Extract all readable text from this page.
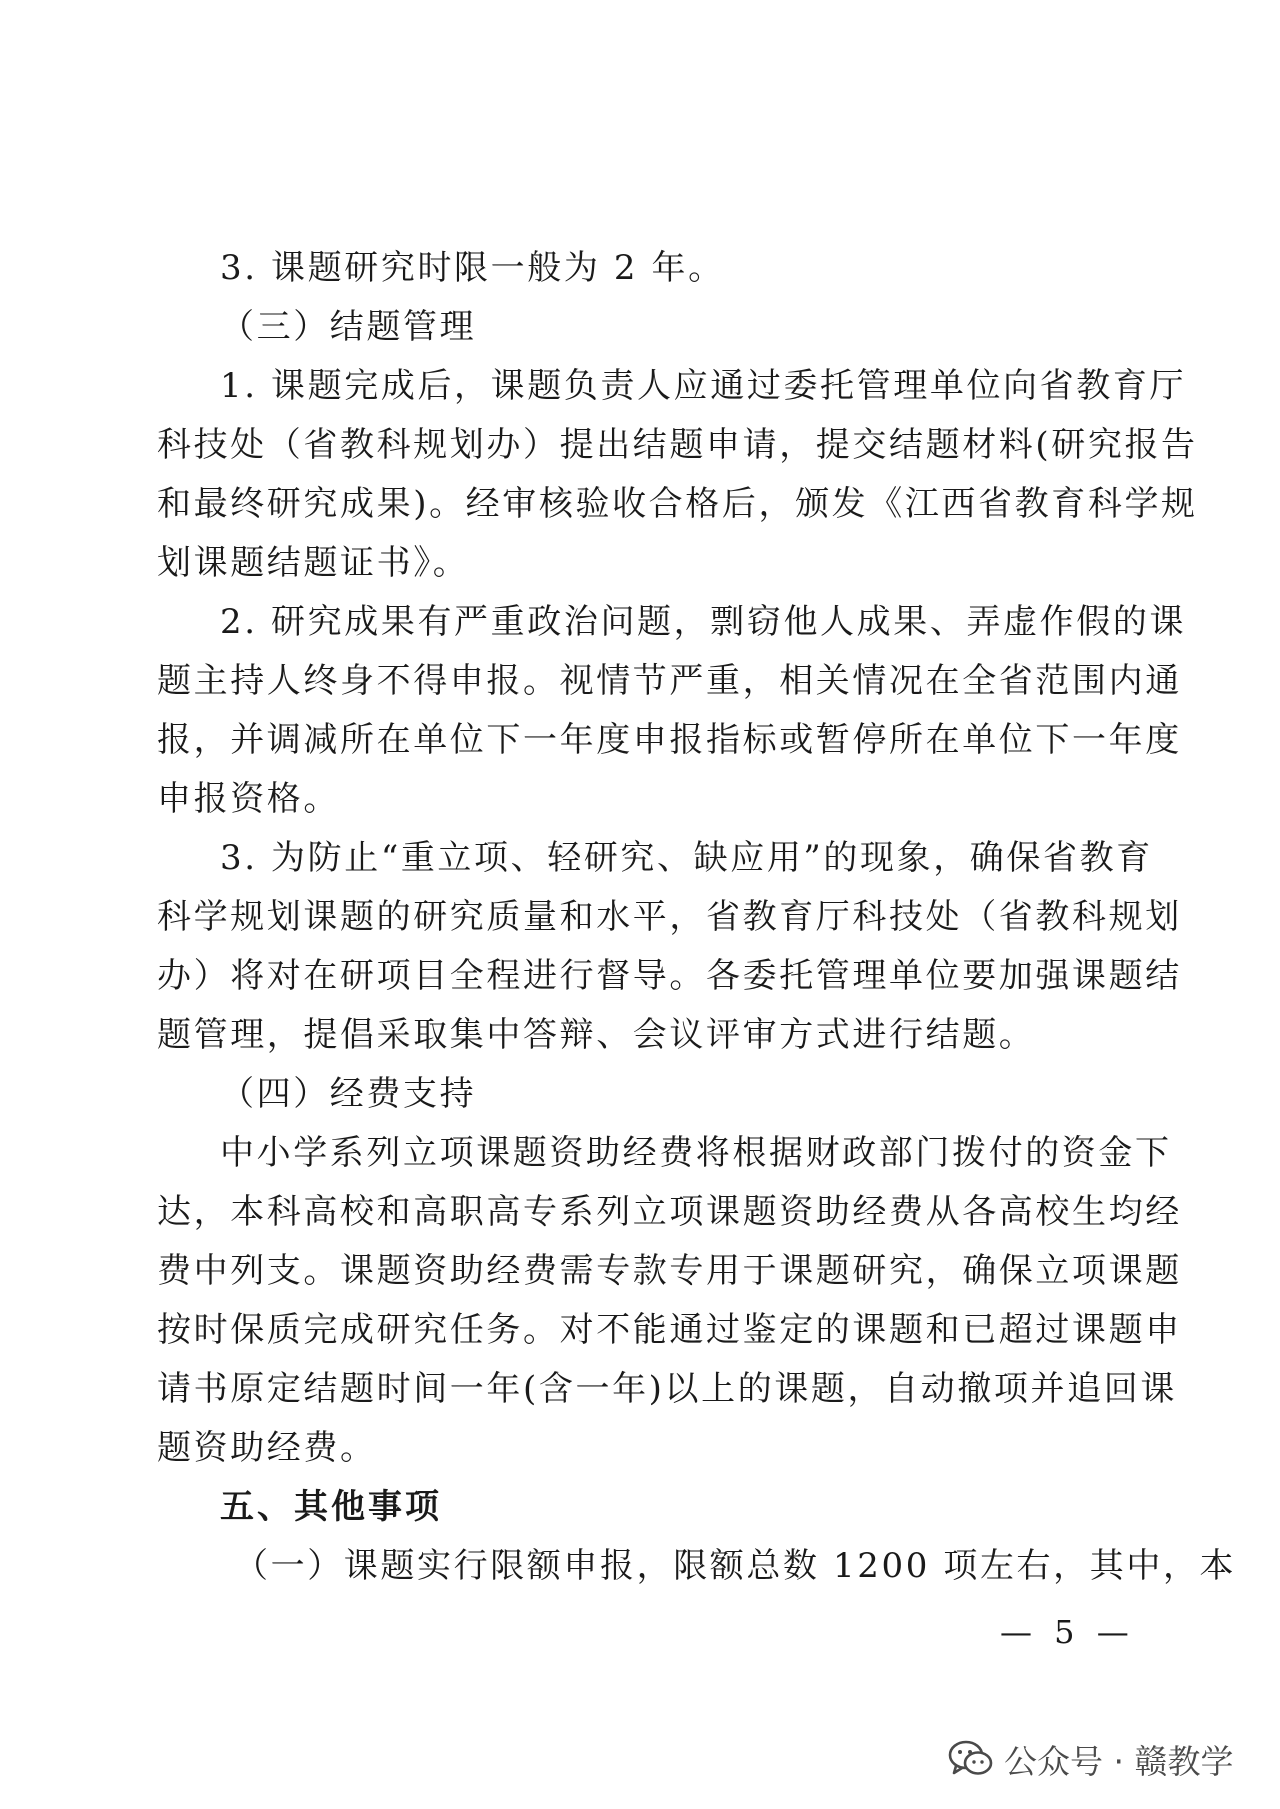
3. 课题研究时限一般为 2 年。
（三）结题管理
1. 课题完成后，课题负责人应通过委托管理单位向省教育厅
科技处（省教科规划办）提出结题申请，提交结题材料(研究报告
和最终研究成果)。经审核验收合格后，颁发《江西省教育科学规
划课题结题证书》。
2. 研究成果有严重政治问题，剽窃他人成果、弄虚作假的课
题主持人终身不得申报。视情节严重，相关情况在全省范围内通
报，并调减所在单位下一年度申报指标或暂停所在单位下一年度
申报资格。
3. 为防止“重立项、轻研究、缺应用”的现象，确保省教育
科学规划课题的研究质量和水平，省教育厅科技处（省教科规划
办）将对在研项目全程进行督导。各委托管理单位要加强课题结
题管理，提倡采取集中答辩、会议评审方式进行结题。
（四）经费支持
中小学系列立项课题资助经费将根据财政部门拨付的资金下
达，本科高校和高职高专系列立项课题资助经费从各高校生均经
费中列支。课题资助经费需专款专用于课题研究，确保立项课题
按时保质完成研究任务。对不能通过鉴定的课题和已超过课题申
请书原定结题时间一年(含一年)以上的课题，自动撤项并追回课
题资助经费。
五、其他事项
（一）课题实行限额申报，限额总数 1200 项左右，其中，本
— 5 —
公众号 · 赣教学
